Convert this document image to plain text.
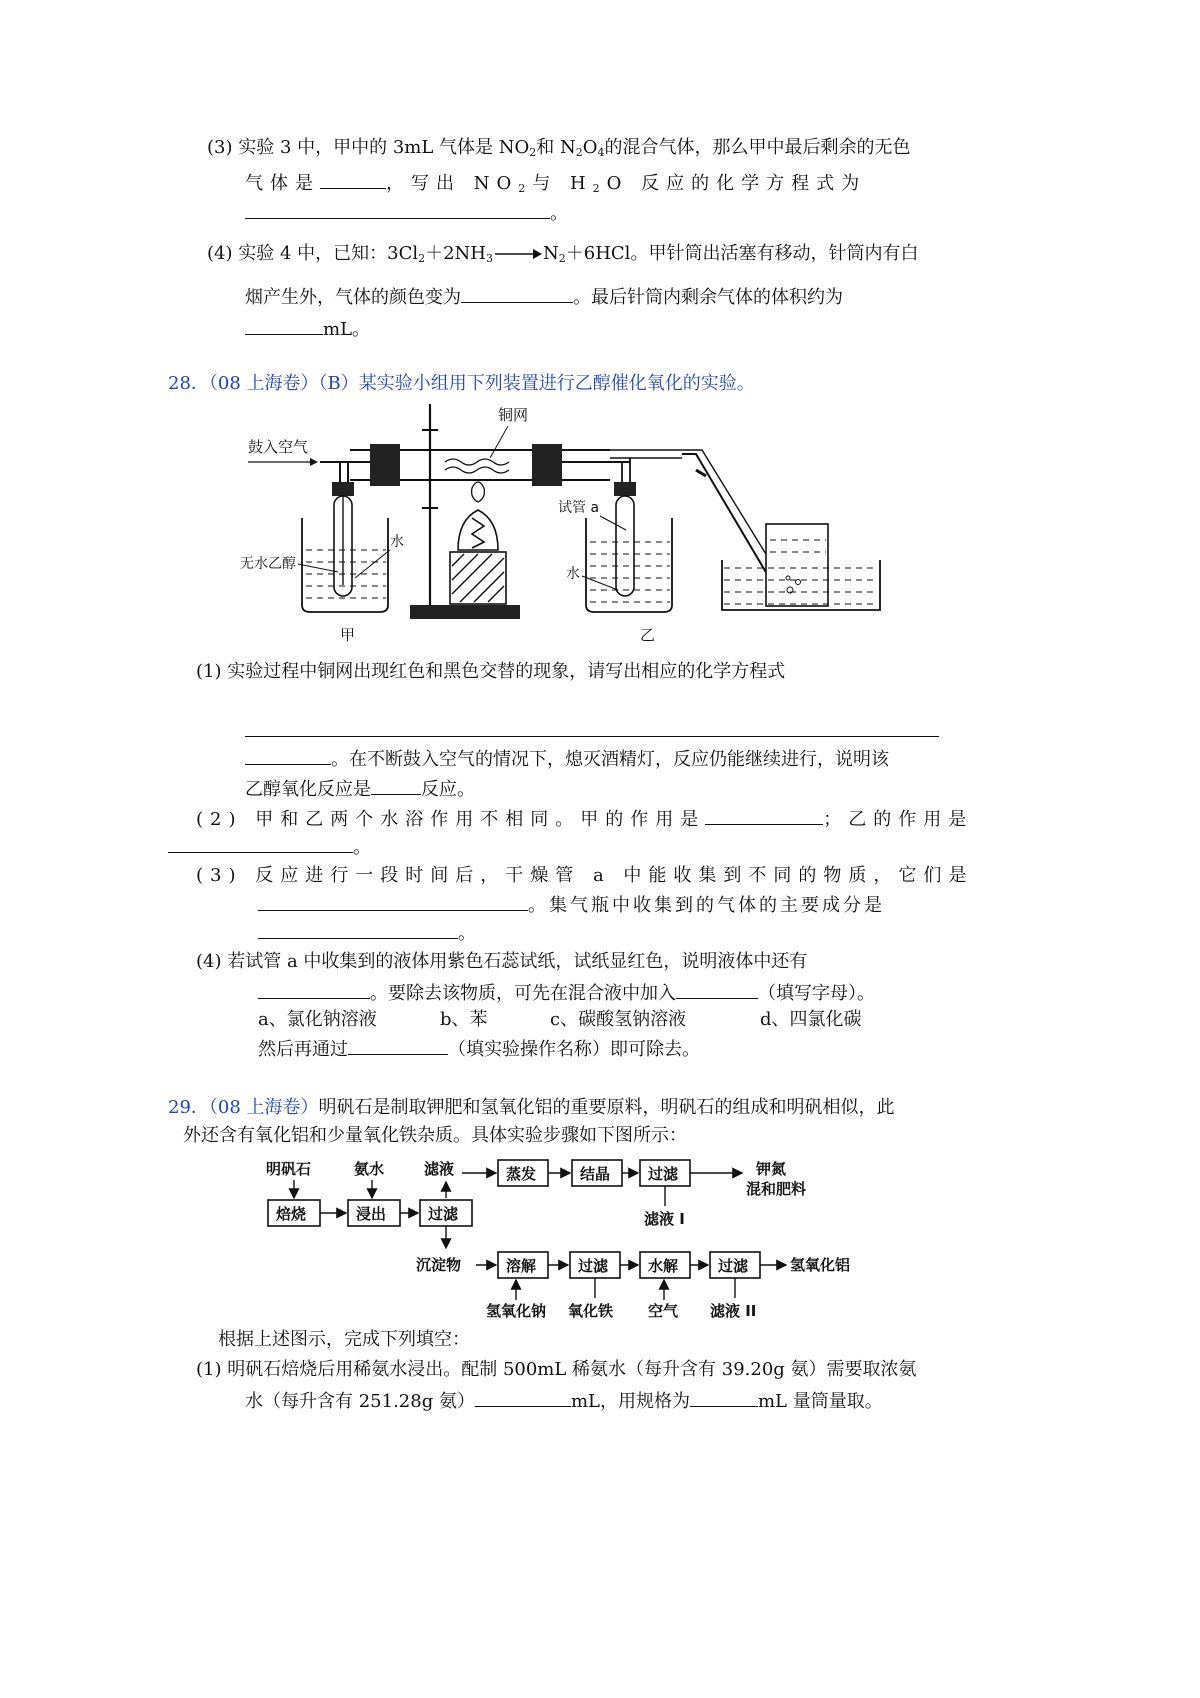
(3) 实验 3 中，甲中的 3mL 气体是 $NO_2$和 $N_2O_4$的混合气体，那么甲中最后剩余的无色
气体是	，写出 $NO_2$与 $H_2O$ 反应的化学方程式为
。
(4) 实验 4 中，已知：$3Cl_2+2NH_3\to N_2+6HCl$。甲针筒出活塞有移动，针筒内有白
烟产生外，气体的颜色变为	。最后针筒内剩余气体的体积约为
mL。
28．（08 上海卷）（B）某实验小组用下列装置进行乙醇催化氧化的实验。
鼓入空气
铜网
无水乙醇
水
甲
试管 a
水
乙
(1) 实验过程中铜网出现红色和黑色交替的现象，请写出相应的化学方程式
。在不断鼓入空气的情况下，熄灭酒精灯，反应仍能继续进行，说明该
乙醇氧化反应是	反应。
(2) 甲和乙两个水浴作用不相同。甲的作用是	；乙的作用是
。
(3) 反应进行一段时间后，干燥管 a 中能收集到不同的物质，它们是
。集气瓶中收集到的气体的主要成分是
。
(4) 若试管 a 中收集到的液体用紫色石蕊试纸，试纸显红色，说明液体中还有
。要除去该物质，可先在混合液中加入	（填写字母）。
a、氯化钠溶液	b、苯	c、碳酸氢钠溶液	d、四氯化碳
然后再通过	（填实验操作名称）即可除去。
29．（08 上海卷）明矾石是制取钾肥和氢氧化铝的重要原料，明矾石的组成和明矾相似，此
外还含有氧化铝和少量氧化铁杂质。具体实验步骤如下图所示：
明矾石	氨水	滤液	蒸发	结晶	过滤	钾氮
混和肥料
焙烧	浸出	过滤	滤液 I
沉淀物	溶解	过滤	水解	过滤	氢氧化铝
氢氧化钠 氧化铁 空气 滤液 II
根据上述图示，完成下列填空：
(1) 明矾石焙烧后用稀氨水浸出。配制 500mL 稀氨水（每升含有 39.20g 氨）需要取浓氨
水（每升含有 251.28g 氨）	mL，用规格为	mL 量筒量取。
